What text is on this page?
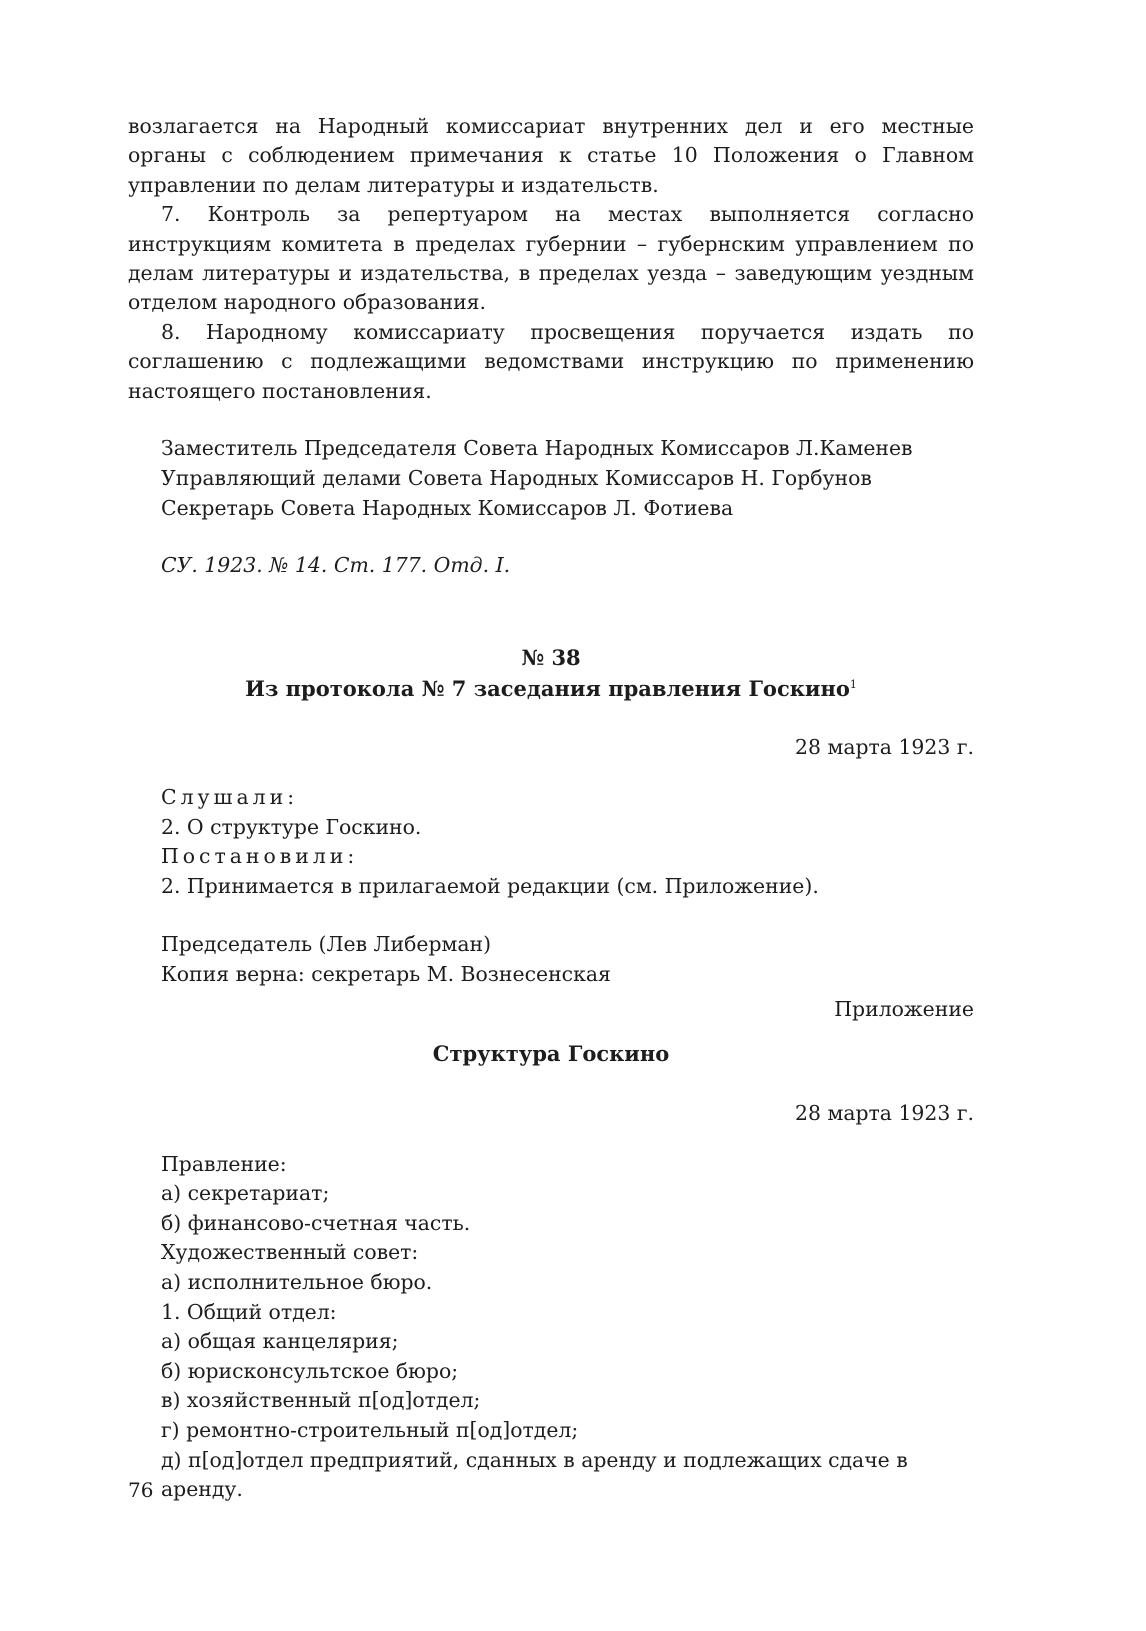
возлагается на Народный комиссариат внутренних дел и его местные органы с соблюдением примечания к статье 10 Положения о Главном управлении по делам литературы и издательств.

7. Контроль за репертуаром на местах выполняется согласно инструкциям комитета в пределах губернии – губернским управлением по делам литературы и издательства, в пределах уезда – заведующим уездным отделом народного образования.

8. Народному комиссариату просвещения поручается издать по соглашению с подлежащими ведомствами инструкцию по применению настоящего постановления.

Заместитель Председателя Совета Народных Комиссаров Л.Каменев
Управляющий делами Совета Народных Комиссаров Н. Горбунов
Секретарь Совета Народных Комиссаров Л. Фотиева
СУ. 1923. № 14. Ст. 177. Отд. I.
№ 38
Из протокола № 7 заседания правления Госкино$^1$
28 марта 1923 г.
Слушали:
2. О структуре Госкино.
Постановили:
2. Принимается в прилагаемой редакции (см. Приложение).
Председатель (Лев Либерман)
Копия верна: секретарь М. Вознесенская
Приложение
Структура Госкино
28 марта 1923 г.
Правление:
а) секретариат;
б) финансово-счетная часть.
Художественный совет:
а) исполнительное бюро.
1. Общий отдел:
а) общая канцелярия;
б) юрисконсультское бюро;
в) хозяйственный п[од]отдел;
г) ремонтно-строительный п[од]отдел;
д) п[од]отдел предприятий, сданных в аренду и подлежащих сдаче в аренду.
76
